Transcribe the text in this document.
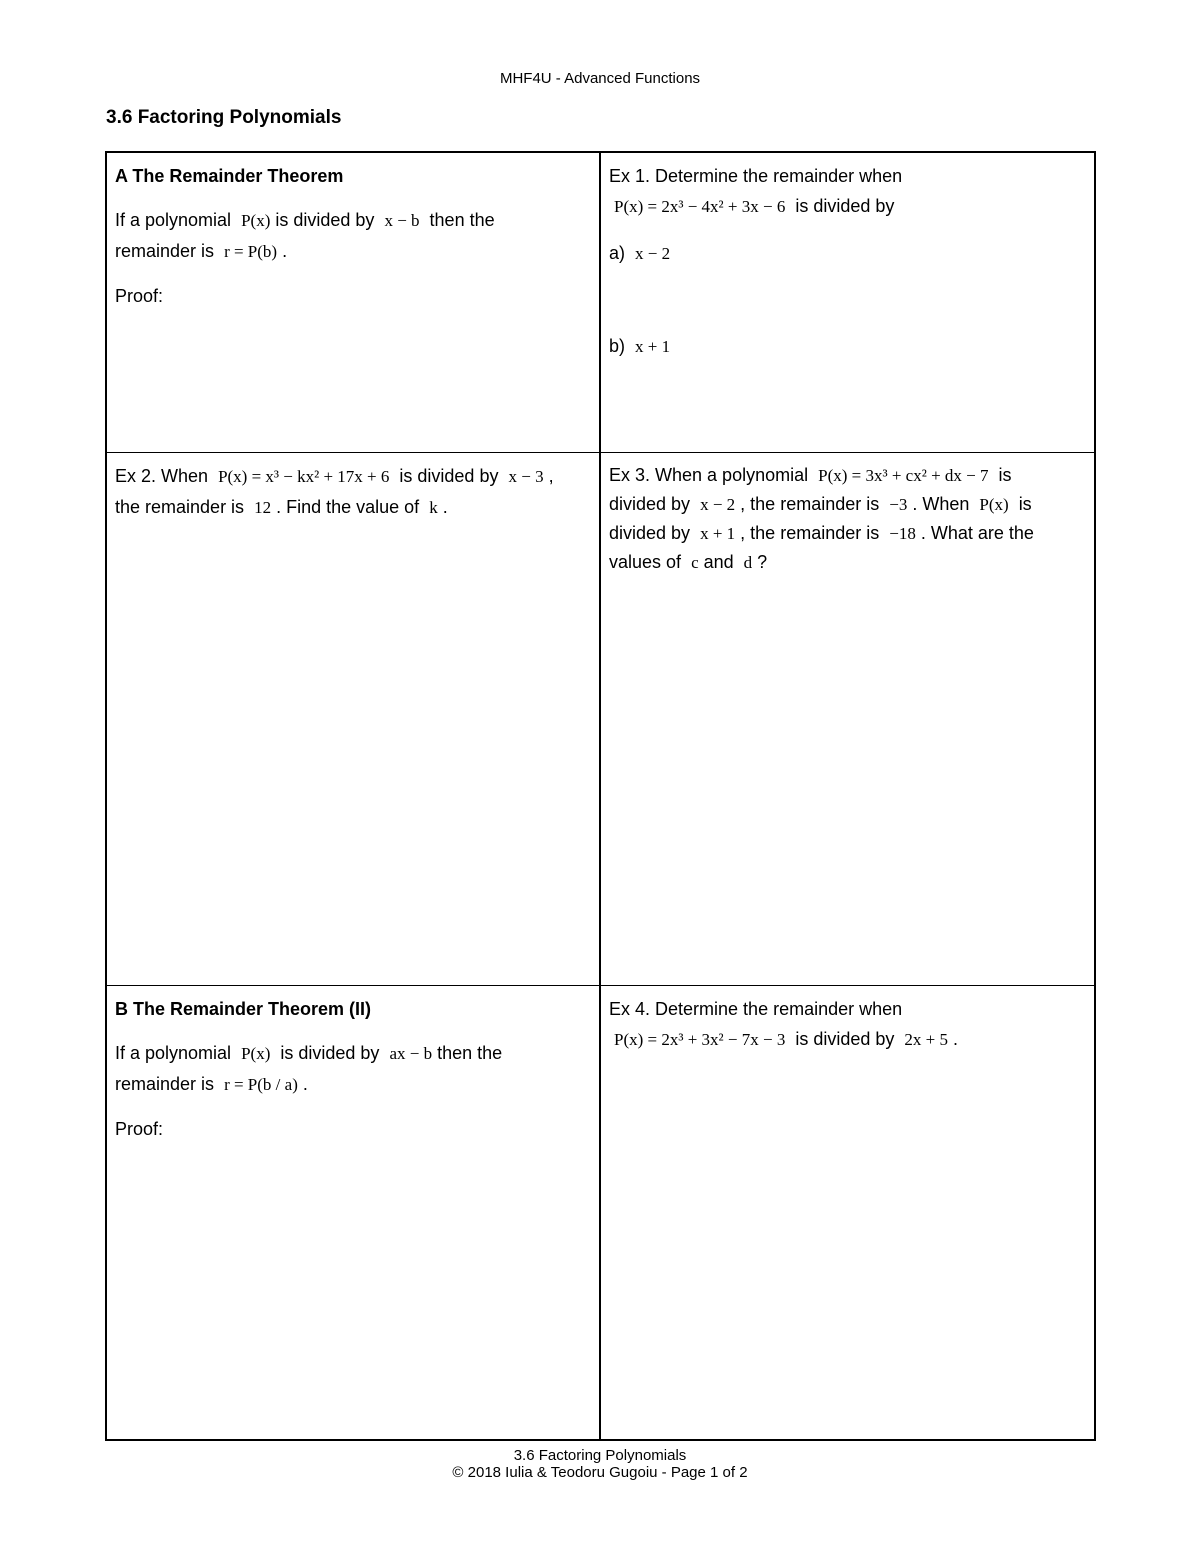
MHF4U - Advanced Functions
3.6 Factoring Polynomials
A The Remainder Theorem
If a polynomial P(x) is divided by x − b then the
remainder is r = P(b) .
Proof:
Ex 1. Determine the remainder when
P(x) = 2x³ − 4x² + 3x − 6 is divided by
a) x − 2
b) x + 1
Ex 2. When P(x) = x³ − kx² + 17x + 6 is divided by x − 3 ,
the remainder is 12 . Find the value of k .
Ex 3. When a polynomial P(x) = 3x³ + cx² + dx − 7 is
divided by x − 2 , the remainder is −3 . When P(x) is
divided by x + 1 , the remainder is −18 . What are the
values of c and d ?
B The Remainder Theorem (II)
If a polynomial P(x) is divided by ax − b then the
remainder is r = P(b / a) .
Proof:
Ex 4. Determine the remainder when
P(x) = 2x³ + 3x² − 7x − 3 is divided by 2x + 5 .
3.6 Factoring Polynomials
© 2018 Iulia & Teodoru Gugoiu - Page 1 of 2
